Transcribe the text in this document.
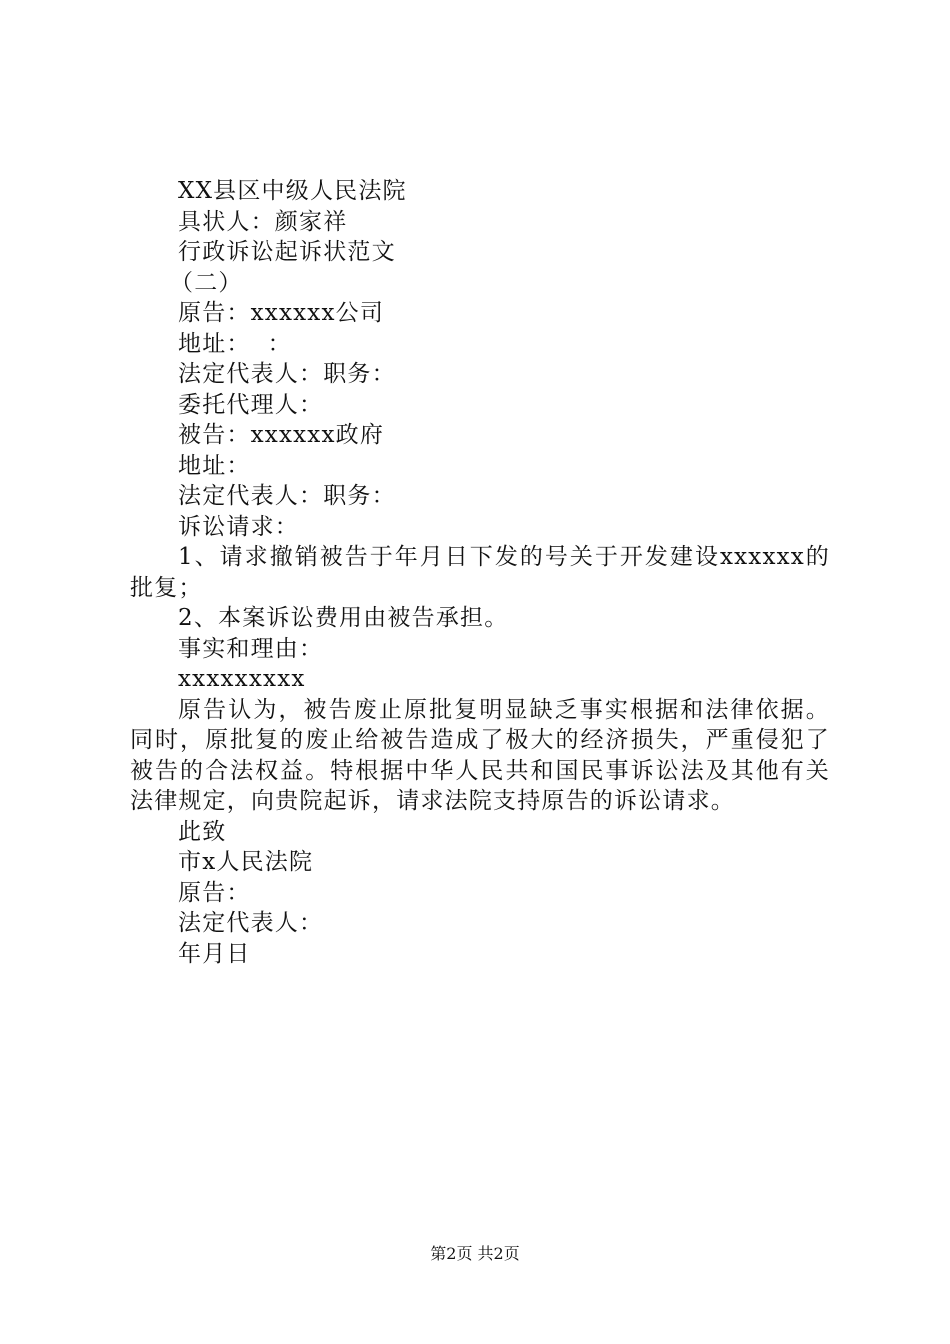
XX县区中级人民法院
具状人：颜家祥
行政诉讼起诉状范文
（二）
原告：xxxxxx公司
地址：  ：
法定代表人：职务：
委托代理人：
被告：xxxxxx政府
地址：
法定代表人：职务：
诉讼请求：

1、请求撤销被告于年月日下发的号关于开发建设xxxxxx的批复；

2、本案诉讼费用由被告承担。

事实和理由：
xxxxxxxxx

原告认为，被告废止原批复明显缺乏事实根据和法律依据。同时，原批复的废止给被告造成了极大的经济损失，严重侵犯了被告的合法权益。特根据中华人民共和国民事诉讼法及其他有关法律规定，向贵院起诉，请求法院支持原告的诉讼请求。

此致
市x人民法院
原告：
法定代表人：
年月日
第2页 共2页
